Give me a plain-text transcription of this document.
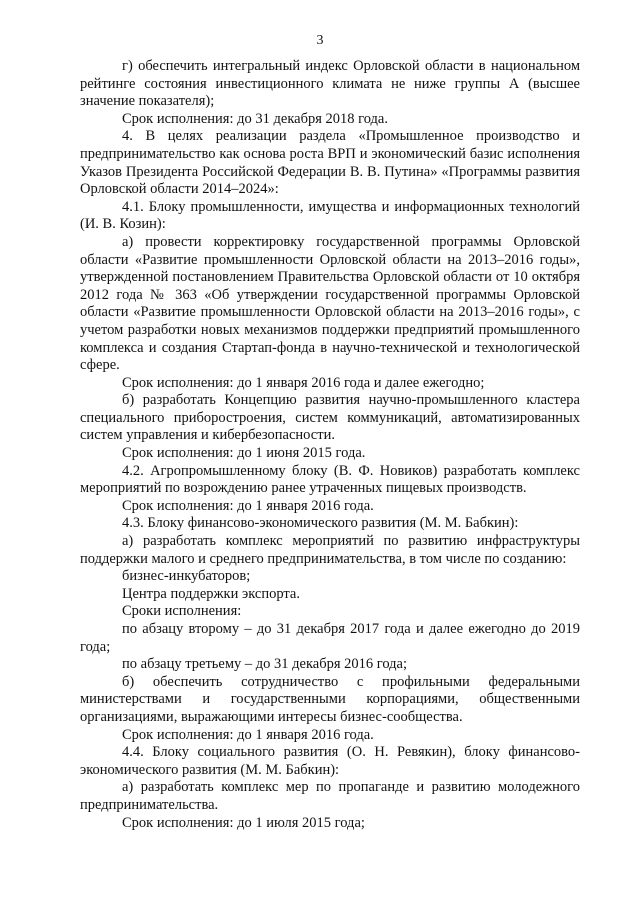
3

г) обеспечить интегральный индекс Орловской области в национальном рейтинге состояния инвестиционного климата не ниже группы А (высшее значение показателя);

Срок исполнения: до 31 декабря 2018 года.

4. В целях реализации раздела «Промышленное производство и предпринимательство как основа роста ВРП и экономический базис исполнения Указов Президента Российской Федерации В. В. Путина» «Программы развития Орловской области 2014–2024»:

4.1. Блоку промышленности, имущества и информационных технологий (И. В. Козин):

а) провести корректировку государственной программы Орловской области «Развитие промышленности Орловской области на 2013–2016 годы», утвержденной постановлением Правительства Орловской области от 10 октября 2012 года № 363 «Об утверждении государственной программы Орловской области «Развитие промышленности Орловской области на 2013–2016 годы», с учетом разработки новых механизмов поддержки предприятий промышленного комплекса и создания Стартап-фонда в научно-технической и технологической сфере.

Срок исполнения: до 1 января 2016 года и далее ежегодно;

б) разработать Концепцию развития научно-промышленного кластера специального приборостроения, систем коммуникаций, автоматизированных систем управления и кибербезопасности.

Срок исполнения: до 1 июня 2015 года.

4.2. Агропромышленному блоку (В. Ф. Новиков) разработать комплекс мероприятий по возрождению ранее утраченных пищевых производств.

Срок исполнения: до 1 января 2016 года.

4.3. Блоку финансово-экономического развития (М. М. Бабкин):

а) разработать комплекс мероприятий по развитию инфраструктуры поддержки малого и среднего предпринимательства, в том числе по созданию:

бизнес-инкубаторов;

Центра поддержки экспорта.

Сроки исполнения:

по абзацу второму – до 31 декабря 2017 года и далее ежегодно до 2019 года;

по абзацу третьему – до 31 декабря 2016 года;

б) обеспечить сотрудничество с профильными федеральными министерствами и государственными корпорациями, общественными организациями, выражающими интересы бизнес-сообщества.

Срок исполнения: до 1 января 2016 года.

4.4. Блоку социального развития (О. Н. Ревякин), блоку финансово-экономического развития (М. М. Бабкин):

а) разработать комплекс мер по пропаганде и развитию молодежного предпринимательства.

Срок исполнения: до 1 июля 2015 года;
